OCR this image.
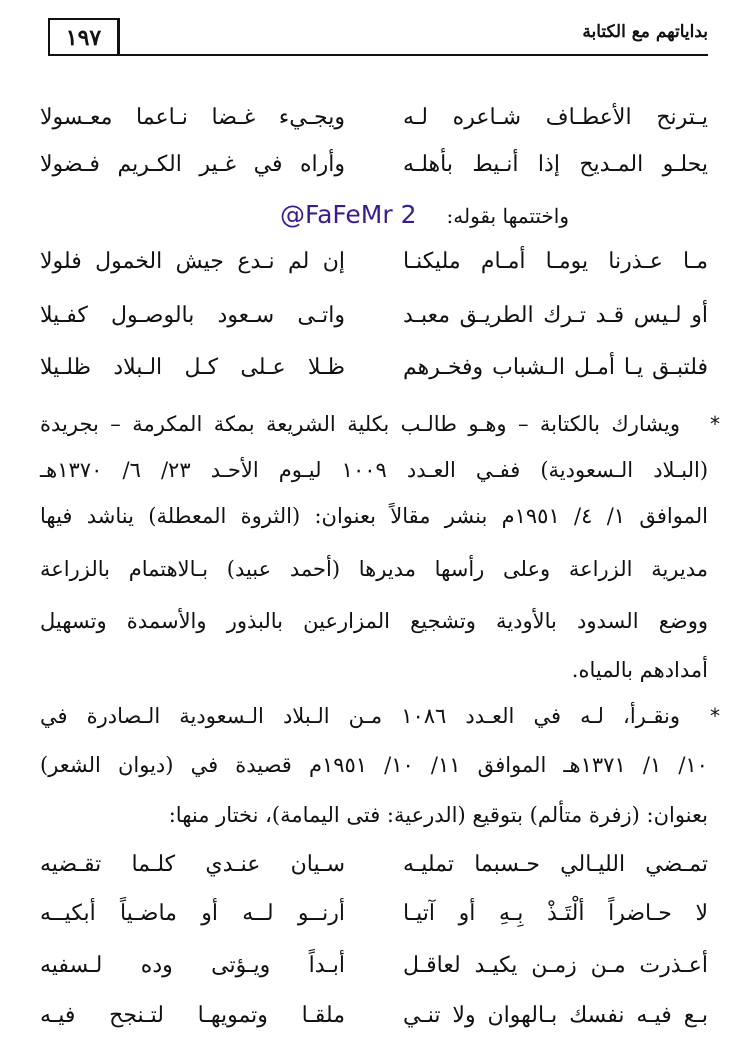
١٩٧	بداياتهم مع الكتابة
يـترنح الأعطـاف شـاعره لـه
ويجـيء غـضا نـاعما معـسولا
يحلـو المـديح إذا أنـيط بأهلـه
وأراه في غـير الكـريم فـضولا
واختتمها بقوله:
@FaFeMr 2
مـا عـذرنا يومـا أمـام مليكنـا
إن لم نـدع جيش الخمول فلولا
أو لـيس قـد تـرك الطريـق معبـد
واتـى سـعود بالوصـول كفـيلا
فلتبـق يـا أمـل الـشباب وفخـرهم
ظـلا عـلى كـل الـبلاد ظلـيلا
*
ويشارك بالكتابة – وهـو طالـب بكلية الشريعة بمكة المكرمة – بجريدة
(البـلاد الـسعودية) ففـي العـدد ١٠٠٩ ليـوم الأحـد ٢٣/ ٦/ ١٣٧٠هـ
الموافق ١/ ٤/ ١٩٥١م بنشر مقالاً بعنوان: (الثروة المعطلة) يناشد فيها
مديرية الزراعة وعلى رأسها مديرها (أحمد عبيد) بـالاهتمام بالزراعة
ووضع السدود بالأودية وتشجيع المزارعين بالبذور والأسمدة وتسهيل
أمدادهم بالمياه.
*
ونقـرأ، لـه في العـدد ١٠٨٦ مـن الـبلاد الـسعودية الـصادرة في
١٠/ ١/ ١٣٧١هـ الموافق ١١/ ١٠/ ١٩٥١م قصيدة في (ديوان الشعر)
بعنوان: (زفرة متألم) بتوقيع (الدرعية: فتى اليمامة)، نختار منها:
تمـضي الليـالي حـسبما تمليـه
سـيان عنـدي كلـما تقـضيه
لا حـاضراً ألْتَـذْ بِـهِ أو آتيـا
أرنــو لــه أو ماضـياً أبكيــه
أعـذرت مـن زمـن يكيـد لعاقـل
أبـداً ويـؤتى وده لـسفيه
بـع فيـه نفسك بـالهوان ولا تنـي
ملقـا وتمويهـا لتـنجح فيـه
